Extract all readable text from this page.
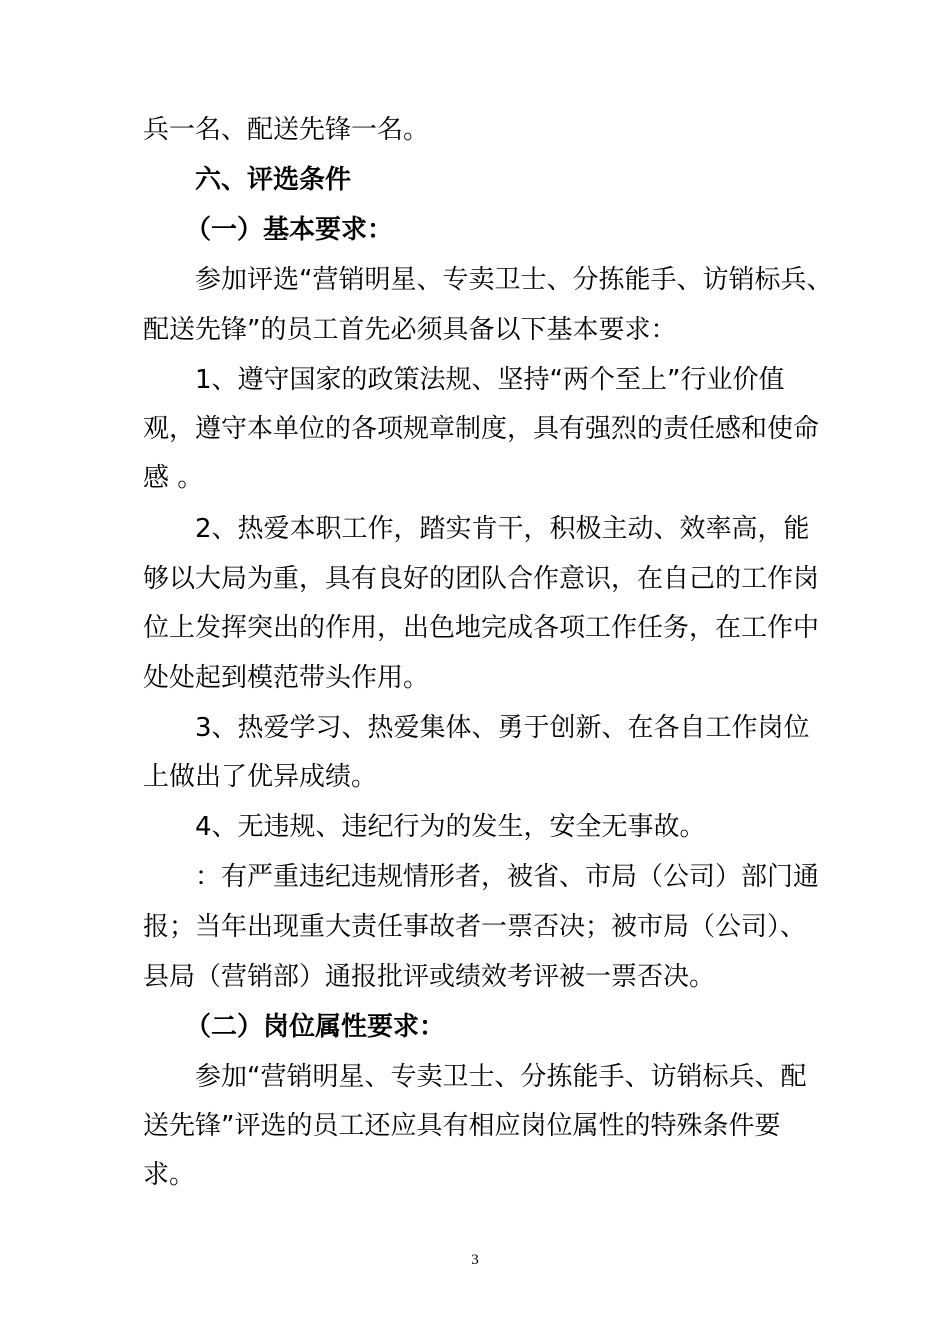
兵一名、配送先锋一名。
六、评选条件
（一）基本要求：
参加评选“营销明星、专卖卫士、分拣能手、访销标兵、
配送先锋”的员工首先必须具备以下基本要求：
1、遵守国家的政策法规、坚持“两个至上”行业价值
观，遵守本单位的各项规章制度，具有强烈的责任感和使命
感 。
2、热爱本职工作，踏实肯干，积极主动、效率高，能
够以大局为重，具有良好的团队合作意识，在自己的工作岗
位上发挥突出的作用，出色地完成各项工作任务，在工作中
处处起到模范带头作用。
3、热爱学习、热爱集体、勇于创新、在各自工作岗位
上做出了优异成绩。
4、无违规、违纪行为的发生，安全无事故。
：有严重违纪违规情形者，被省、市局（公司）部门通
报；当年出现重大责任事故者一票否决；被市局（公司）、
县局（营销部）通报批评或绩效考评被一票否决。
（二）岗位属性要求：
参加“营销明星、专卖卫士、分拣能手、访销标兵、配
送先锋”评选的员工还应具有相应岗位属性的特殊条件要
求。
3
